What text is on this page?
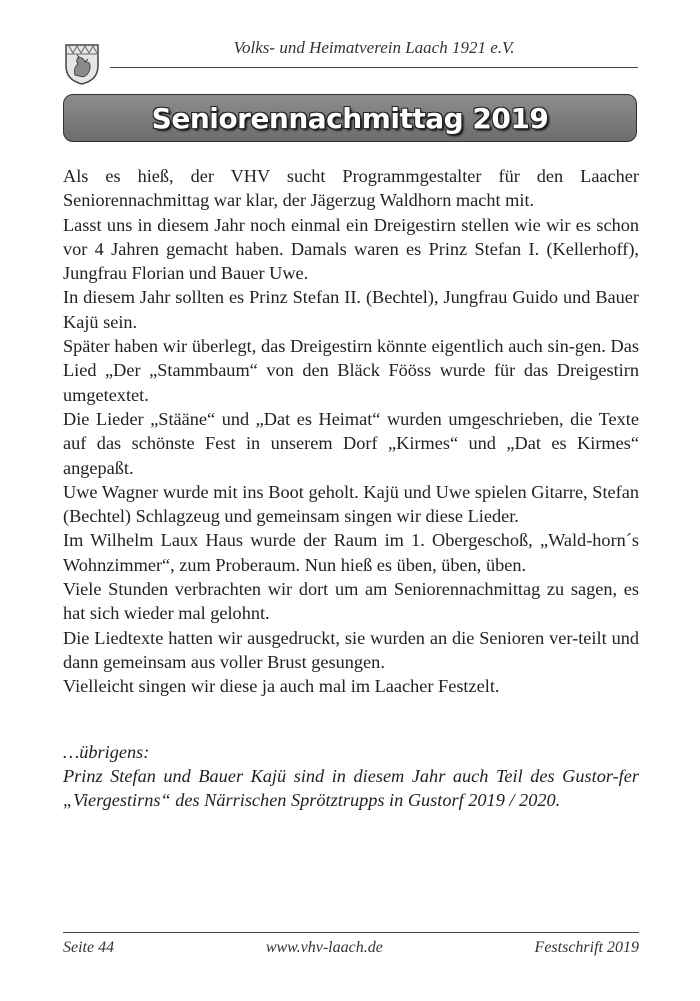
Volks- und Heimatverein Laach 1921 e.V.
Seniorennachmittag 2019

Als es hieß, der VHV sucht Programmgestalter für den Laacher Seniorennachmittag war klar, der Jägerzug Waldhorn macht mit.

Lasst uns in diesem Jahr noch einmal ein Dreigestirn stellen wie wir es schon vor 4 Jahren gemacht haben. Damals waren es Prinz Stefan I. (Kellerhoff), Jungfrau Florian und Bauer Uwe.

In diesem Jahr sollten es Prinz Stefan II. (Bechtel), Jungfrau Guido und Bauer Kajü sein.

Später haben wir überlegt, das Dreigestirn könnte eigentlich auch sin-gen. Das Lied „Der „Stammbaum“ von den Bläck Fööss wurde für das Dreigestirn umgetextet.

Die Lieder „Stääne“ und „Dat es Heimat“ wurden umgeschrieben, die Texte auf das schönste Fest in unserem Dorf „Kirmes“ und „Dat es Kirmes“ angepaßt.

Uwe Wagner wurde mit ins Boot geholt. Kajü und Uwe spielen Gitarre, Stefan (Bechtel) Schlagzeug und gemeinsam singen wir diese Lieder.

Im Wilhelm Laux Haus wurde der Raum im 1. Obergeschoß, „Wald-horn´s Wohnzimmer“, zum Proberaum. Nun hieß es üben, üben, üben.

Viele Stunden verbrachten wir dort um am Seniorennachmittag zu sagen, es hat sich wieder mal gelohnt.

Die Liedtexte hatten wir ausgedruckt, sie wurden an die Senioren ver-teilt und dann gemeinsam aus voller Brust gesungen.

Vielleicht singen wir diese ja auch mal im Laacher Festzelt.

…übrigens:

Prinz Stefan und Bauer Kajü sind in diesem Jahr auch Teil des Gustor-fer „Viergestirns“ des Närrischen Sprötztrupps in Gustorf 2019 / 2020.

Seite 44	www.vhv-laach.de	Festschrift 2019
